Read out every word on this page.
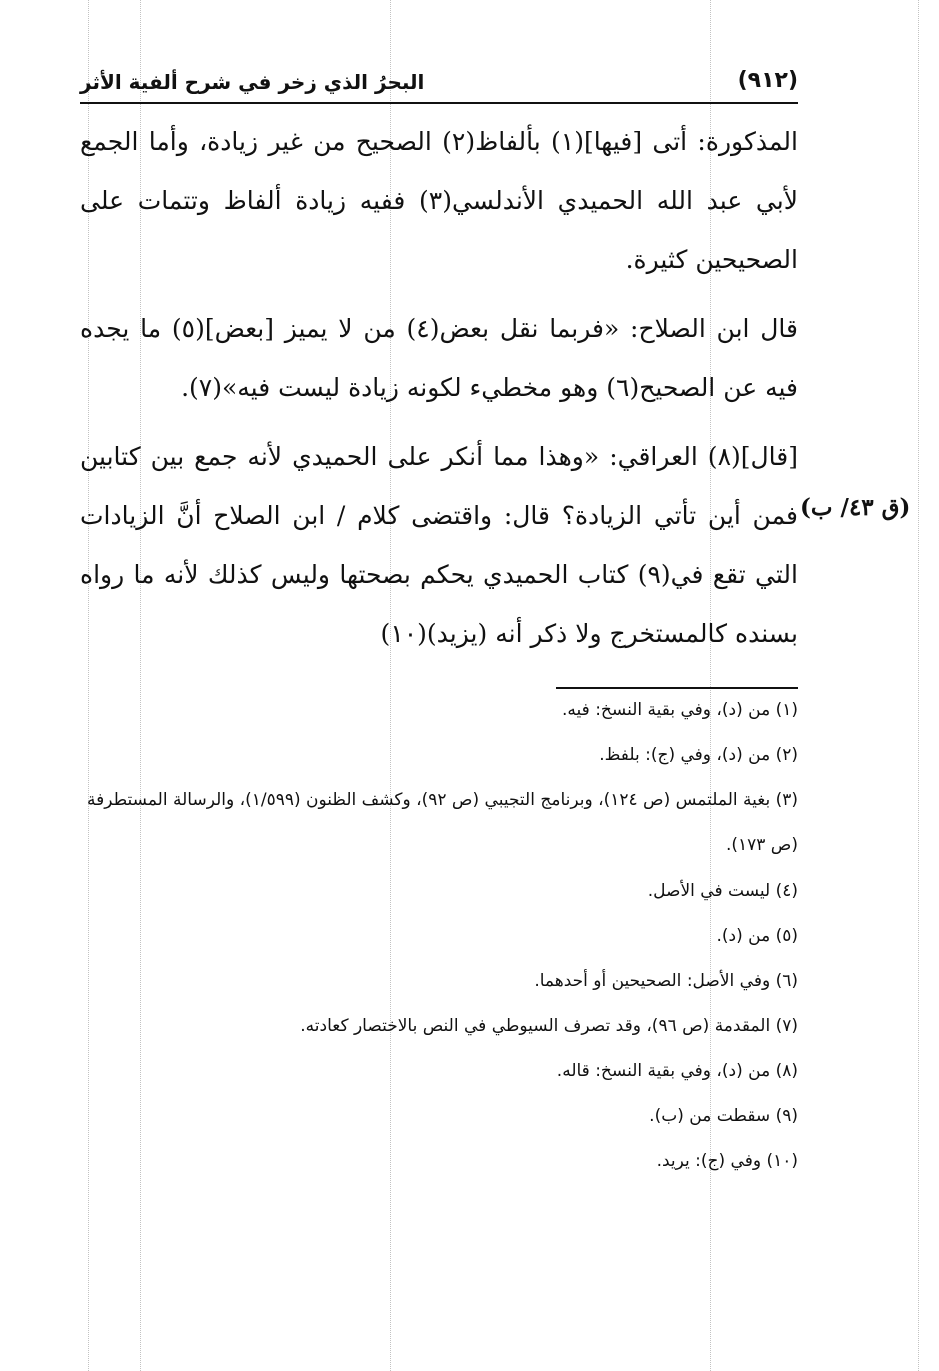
البحرُ الذي زخر في شرح ألفية الأثر	(٩١٢)

المذكورة: أتى [فيها](١) بألفاظ(٢) الصحيح من غير زيادة، وأما الجمع لأبي عبد الله الحميدي الأندلسي(٣) ففيه زيادة ألفاظ وتتمات على الصحيحين كثيرة.

قال ابن الصلاح: «فربما نقل بعض(٤) من لا يميز [بعض](٥) ما يجده فيه عن الصحيح(٦) وهو مخطيء لكونه زيادة ليست فيه»(٧).

[قال](٨) العراقي: «وهذا مما أنكر على الحميدي لأنه جمع بين كتابين فمن أين تأتي الزيادة؟ قال: واقتضى كلام / ابن الصلاح أنَّ الزيادات التي تقع في(٩) كتاب الحميدي يحكم بصحتها وليس كذلك لأنه ما رواه بسنده كالمستخرج ولا ذكر أنه (يزيد)(١٠)

(ق ٤٣/ ب)

(١) من (د)، وفي بقية النسخ: فيه.

(٢) من (د)، وفي (ج): بلفظ.

(٣) بغية الملتمس (ص ١٢٤)، وبرنامج التجيبي (ص ٩٢)، وكشف الظنون (١/٥٩٩)، والرسالة المستطرفة (ص ١٧٣).

(٤) ليست في الأصل.

(٥) من (د).

(٦) وفي الأصل: الصحيحين أو أحدهما.

(٧) المقدمة (ص ٩٦)، وقد تصرف السيوطي في النص بالاختصار كعادته.

(٨) من (د)، وفي بقية النسخ: قاله.

(٩) سقطت من (ب).

(١٠) وفي (ج): يريد.
